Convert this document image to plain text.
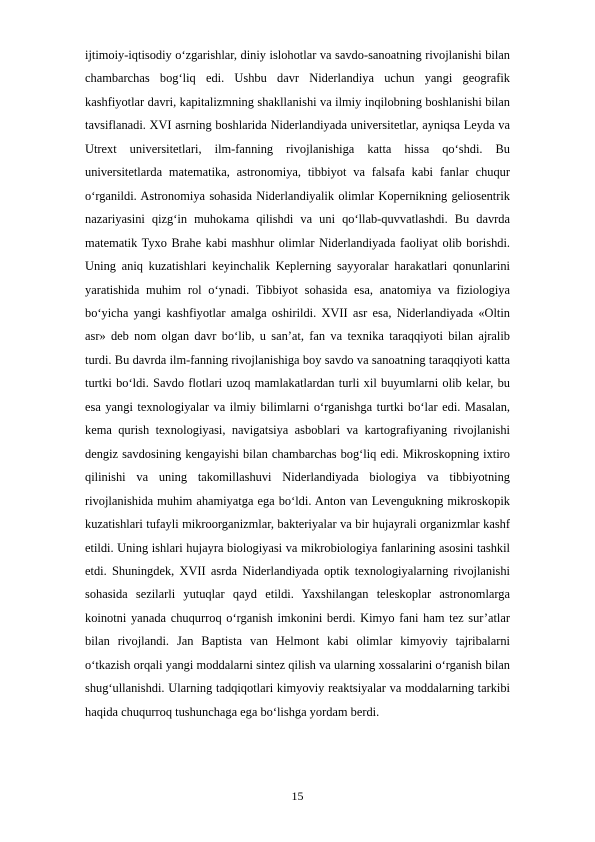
ijtimoiy-iqtisodiy o‘zgarishlar, diniy islohotlar va savdo-sanoatning rivojlanishi bilan chambarchas bog‘liq edi. Ushbu davr Niderlandiya uchun yangi geografik kashfiyotlar davri, kapitalizmning shakllanishi va ilmiy inqilobning boshlanishi bilan tavsiflanadi. XVI asrning boshlarida Niderlandiyada universitetlar, ayniqsa Leyda va Utrext universitetlari, ilm-fanning rivojlanishiga katta hissa qo‘shdi. Bu universitetlarda matematika, astronomiya, tibbiyot va falsafa kabi fanlar chuqur o‘rganildi. Astronomiya sohasida Niderlandiyalik olimlar Kopernikning geliosentrik nazariyasini qizg‘in muhokama qilishdi va uni qo‘llab-quvvatlashdi. Bu davrda matematik Tyxo Brahe kabi mashhur olimlar Niderlandiyada faoliyat olib borishdi. Uning aniq kuzatishlari keyinchalik Keplerning sayyoralar harakatlari qonunlarini yaratishida muhim rol o‘ynadi. Tibbiyot sohasida esa, anatomiya va fiziologiya bo‘yicha yangi kashfiyotlar amalga oshirildi. XVII asr esa, Niderlandiyada «Oltin asr» deb nom olgan davr bo‘lib, u san’at, fan va texnika taraqqiyoti bilan ajralib turdi. Bu davrda ilm-fanning rivojlanishiga boy savdo va sanoatning taraqqiyoti katta turtki bo‘ldi. Savdo flotlari uzoq mamlakatlardan turli xil buyumlarni olib kelar, bu esa yangi texnologiyalar va ilmiy bilimlarni o‘rganishga turtki bo‘lar edi. Masalan, kema qurish texnologiyasi, navigatsiya asboblari va kartografiyaning rivojlanishi dengiz savdosining kengayishi bilan chambarchas bog‘liq edi. Mikroskopning ixtiro qilinishi va uning takomillashuvi Niderlandiyada biologiya va tibbiyotning rivojlanishida muhim ahamiyatga ega bo‘ldi. Anton van Levengukning mikroskopik kuzatishlari tufayli mikroorganizmlar, bakteriyalar va bir hujayrali organizmlar kashf etildi. Uning ishlari hujayra biologiyasi va mikrobiologiya fanlarining asosini tashkil etdi. Shuningdek, XVII asrda Niderlandiyada optik texnologiyalarning rivojlanishi sohasida sezilarli yutuqlar qayd etildi. Yaxshilangan teleskoplar astronomlarga koinotni yanada chuqurroq o‘rganish imkonini berdi. Kimyo fani ham tez sur’atlar bilan rivojlandi. Jan Baptista van Helmont kabi olimlar kimyoviy tajribalarni o‘tkazish orqali yangi moddalarni sintez qilish va ularning xossalarini o‘rganish bilan shug‘ullanishdi. Ularning tadqiqotlari kimyoviy reaktsiyalar va moddalarning tarkibi haqida chuqurroq tushunchaga ega bo‘lishga yordam berdi.

15
